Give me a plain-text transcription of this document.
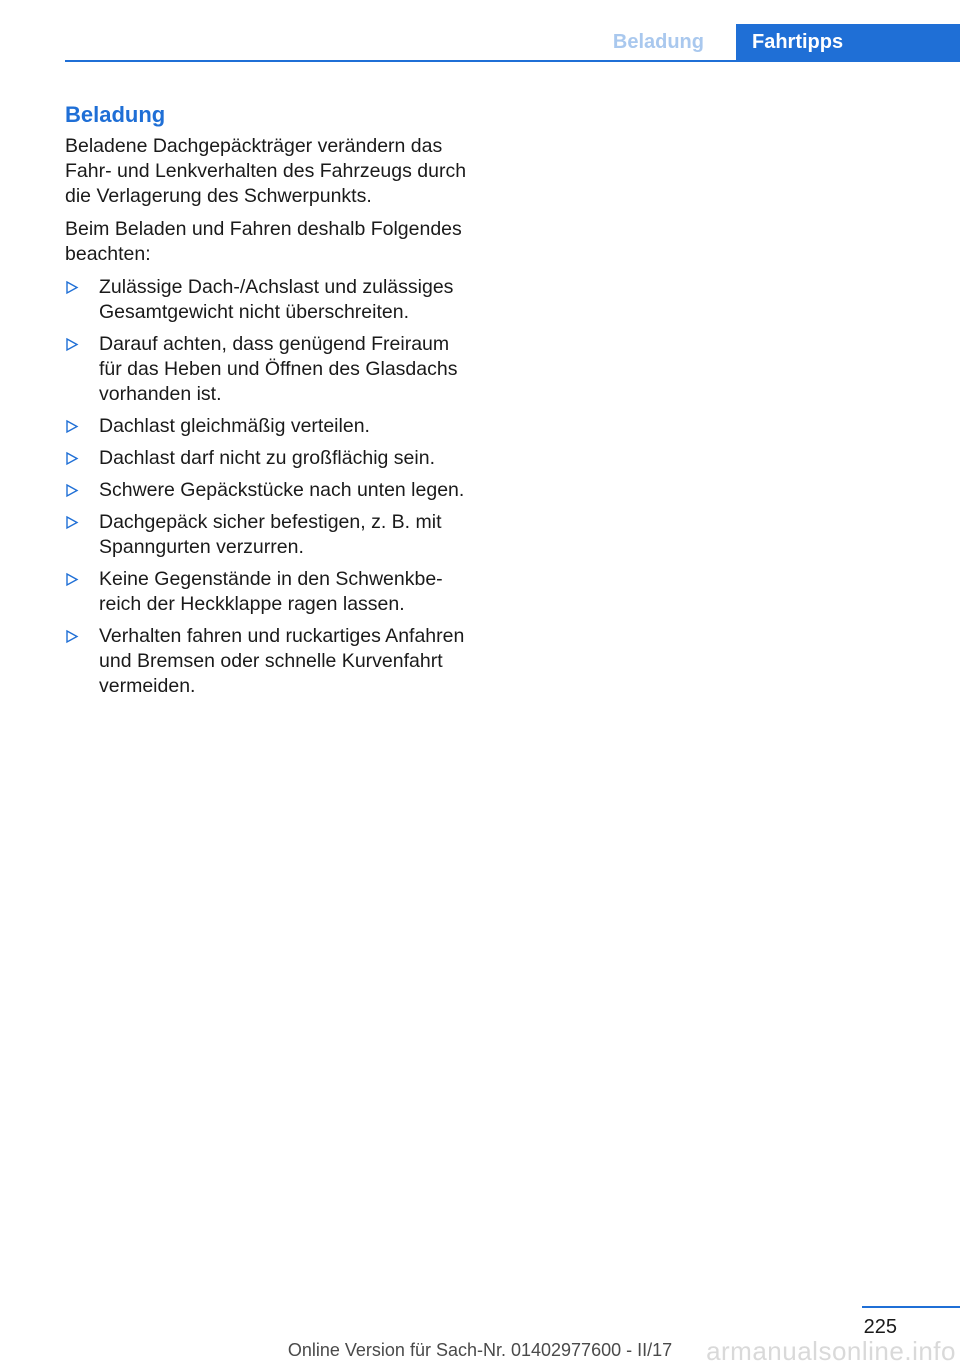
Beladung	Fahrtipps
Beladung

Beladene Dachgepäckträger verändern das Fahr- und Lenkverhalten des Fahrzeugs durch die Verlagerung des Schwerpunkts.

Beim Beladen und Fahren deshalb Folgendes beachten:

Zulässige Dach-/Achslast und zulässiges Gesamtgewicht nicht überschreiten.
Darauf achten, dass genügend Freiraum für das Heben und Öffnen des Glasdachs vorhanden ist.
Dachlast gleichmäßig verteilen.
Dachlast darf nicht zu großflächig sein.
Schwere Gepäckstücke nach unten legen.
Dachgepäck sicher befestigen, z. B. mit Spanngurten verzurren.
Keine Gegenstände in den Schwenkbe-reich der Heckklappe ragen lassen.
Verhalten fahren und ruckartiges Anfahren und Bremsen oder schnelle Kurvenfahrt vermeiden.
225
armanualsonline.info
Online Version für Sach-Nr. 01402977600 - II/17
